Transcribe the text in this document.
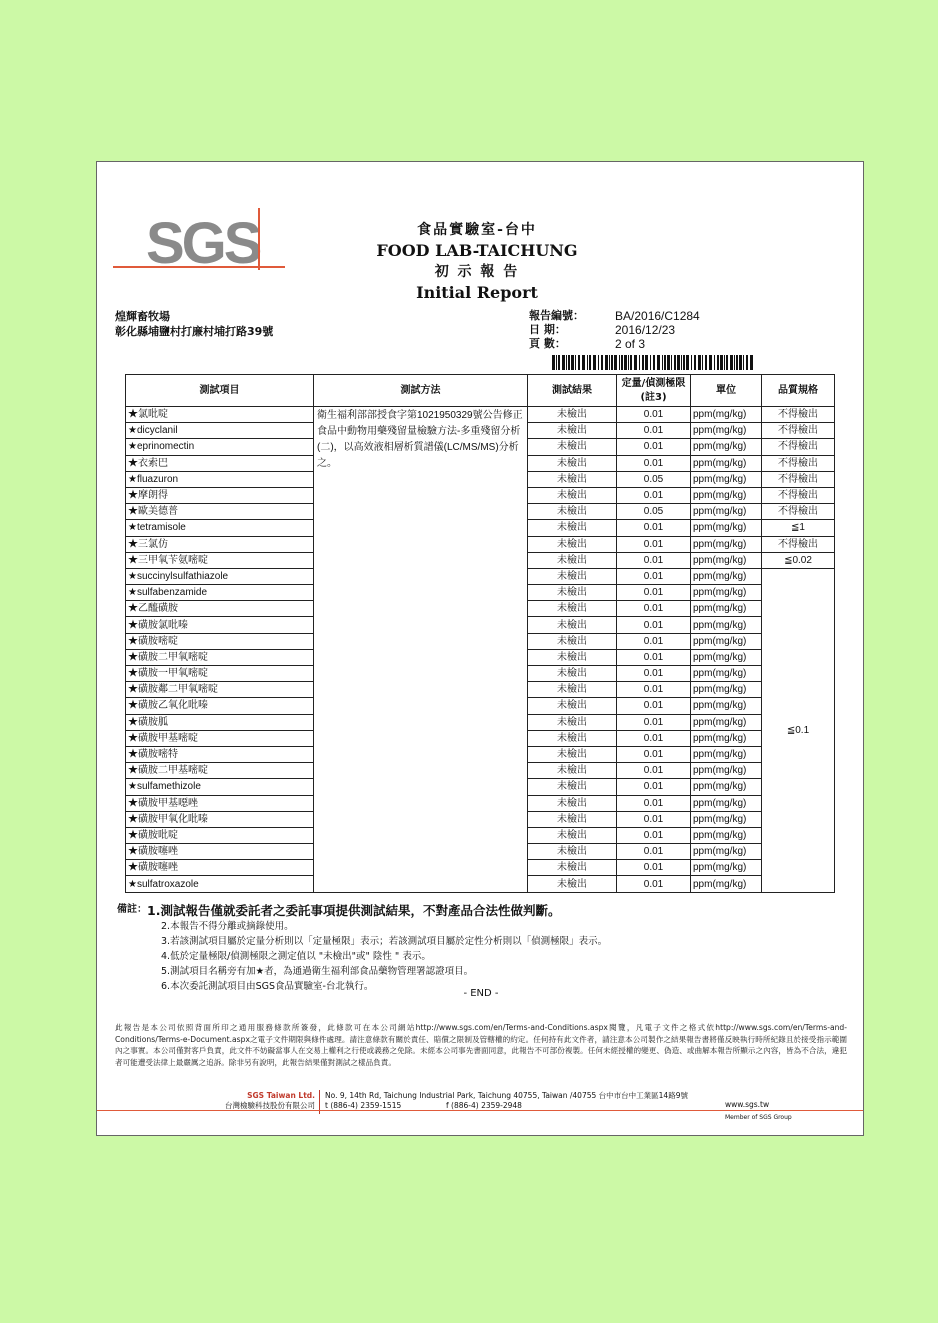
SGS	食品實驗室-台中
FOOD LAB-TAICHUNG
初 示 報 告
Initial Report
煌輝畜牧場
彰化縣埔鹽村打廉村埔打路39號
報告編號：	BA/2016/C1284
日 期：	2016/12/23
頁 數：	2 of 3
測試項目	測試方法	測試結果	定量/偵測極限(註3)	單位	品質規格
★氯吡啶	衛生福利部部授食字第1021950329號公告修正食品中動物用藥殘留量檢驗方法-多重殘留分析(二)，以高效液相層析質譜儀(LC/MS/MS)分析之。	未檢出	0.01	ppm(mg/kg)	不得檢出
★dicyclanil		未檢出	0.01	ppm(mg/kg)	不得檢出
★eprinomectin		未檢出	0.01	ppm(mg/kg)	不得檢出
★衣索巴		未檢出	0.01	ppm(mg/kg)	不得檢出
★fluazuron		未檢出	0.05	ppm(mg/kg)	不得檢出
★摩朗得		未檢出	0.01	ppm(mg/kg)	不得檢出
★歐美德普		未檢出	0.05	ppm(mg/kg)	不得檢出
★tetramisole		未檢出	0.01	ppm(mg/kg)	≦1
★三氯仿		未檢出	0.01	ppm(mg/kg)	不得檢出
★三甲氧苄氨嘧啶		未檢出	0.01	ppm(mg/kg)	≦0.02
★succinylsulfathiazole		未檢出	0.01	ppm(mg/kg)	≦0.1
★sulfabenzamide		未檢出	0.01	ppm(mg/kg)	
★乙醯磺胺		未檢出	0.01	ppm(mg/kg)	
★磺胺氯吡嗪		未檢出	0.01	ppm(mg/kg)	
★磺胺嘧啶		未檢出	0.01	ppm(mg/kg)	
★磺胺二甲氧嘧啶		未檢出	0.01	ppm(mg/kg)	
★磺胺一甲氧嘧啶		未檢出	0.01	ppm(mg/kg)	
★磺胺鄰二甲氧嘧啶		未檢出	0.01	ppm(mg/kg)	
★磺胺乙氧化吡嗪		未檢出	0.01	ppm(mg/kg)	
★磺胺胍		未檢出	0.01	ppm(mg/kg)	
★磺胺甲基嘧啶		未檢出	0.01	ppm(mg/kg)	
★磺胺嘧特		未檢出	0.01	ppm(mg/kg)	
★磺胺二甲基嘧啶		未檢出	0.01	ppm(mg/kg)	
★sulfamethizole		未檢出	0.01	ppm(mg/kg)	
★磺胺甲基噁唑		未檢出	0.01	ppm(mg/kg)	
★磺胺甲氧化吡嗪		未檢出	0.01	ppm(mg/kg)	
★磺胺吡啶		未檢出	0.01	ppm(mg/kg)	
★磺胺噻唑		未檢出	0.01	ppm(mg/kg)	
★磺胺噻唑		未檢出	0.01	ppm(mg/kg)	
★sulfatroxazole		未檢出	0.01	ppm(mg/kg)	
備註： 1.測試報告僅就委託者之委託事項提供測試結果，不對產品合法性做判斷。
2.本報告不得分離或摘錄使用。
3.若該測試項目屬於定量分析則以「定量極限」表示；若該測試項目屬於定性分析則以「偵測極限」表示。
4.低於定量極限/偵測極限之測定值以 "未檢出"或" 陰性 " 表示。
5.測試項目名稱旁有加★者，為通過衛生福利部食品藥物管理署認證項目。
6.本次委託測試項目由SGS食品實驗室-台北執行。
- END -
此報告是本公司依照背面所印之通用服務條款所簽發，此條款可在本公司網站http://www.sgs.com/en/Terms-and-Conditions.aspx閱覽，凡電子文件之格式依http://www.sgs.com/en/Terms-and-Conditions/Terms-e-Document.aspx之電子文件期限與條件處理。請注意條款有關於責任、賠償之限制及管轄權的約定。任何持有此文件者，請注意本公司製作之結果報告書將僅反映執行時所紀錄且於接受指示範圍內之事實。本公司僅對客戶負責，此文件不妨礙當事人在交易上權利之行使或義務之免除。未經本公司事先書面同意，此報告不可部份複製。任何未經授權的變更、偽造、或曲解本報告所顯示之內容，皆為不合法，違犯者可能遭受法律上最嚴厲之追訴。除非另有說明，此報告結果僅對測試之樣品負責。
SGS Taiwan Ltd.
台灣檢驗科技股份有限公司
No. 9, 14th Rd, Taichung Industrial Park, Taichung 40755, Taiwan /40755 台中市台中工業區14路9號
t (886-4) 2359-1515	f (886-4) 2359-2948	www.sgs.tw
Member of SGS Group
